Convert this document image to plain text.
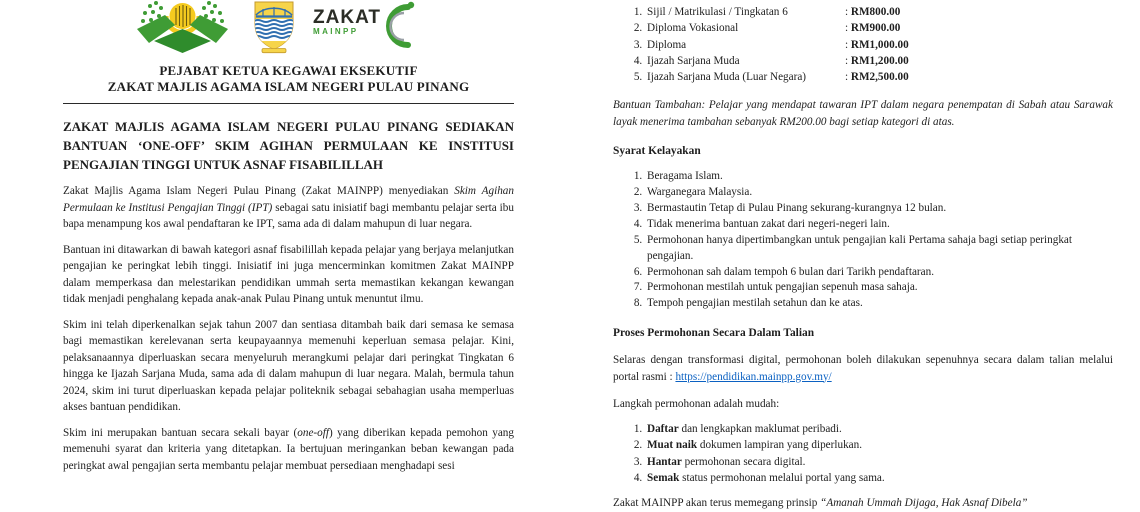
ZAKAT
MAINPP
PEJABAT KETUA KEGAWAI EKSEKUTIF
ZAKAT MAJLIS AGAMA ISLAM NEGERI PULAU PINANG

ZAKAT MAJLIS AGAMA ISLAM NEGERI PULAU PINANG SEDIAKAN BANTUAN ‘ONE-OFF’ SKIM AGIHAN PERMULAAN KE INSTITUSI PENGAJIAN TINGGI UNTUK ASNAF FISABILILLAH

Zakat Majlis Agama Islam Negeri Pulau Pinang (Zakat MAINPP) menyediakan Skim Agihan Permulaan ke Institusi Pengajian Tinggi (IPT) sebagai satu inisiatif bagi membantu pelajar serta ibu bapa menampung kos awal pendaftaran ke IPT, sama ada di dalam mahupun di luar negara.

Bantuan ini ditawarkan di bawah kategori asnaf fisabilillah kepada pelajar yang berjaya melanjutkan pengajian ke peringkat lebih tinggi. Inisiatif ini juga mencerminkan komitmen Zakat MAINPP dalam memperkasa dan melestarikan pendidikan ummah serta memastikan kekangan kewangan tidak menjadi penghalang kepada anak-anak Pulau Pinang untuk menuntut ilmu.

Skim ini telah diperkenalkan sejak tahun 2007 dan sentiasa ditambah baik dari semasa ke semasa bagi memastikan kerelevanan serta keupayaannya memenuhi keperluan semasa pelajar. Kini, pelaksanaannya diperluaskan secara menyeluruh merangkumi pelajar dari peringkat Tingkatan 6 hingga ke Ijazah Sarjana Muda, sama ada di dalam mahupun di luar negara. Malah, bermula tahun 2024, skim ini turut diperluaskan kepada pelajar politeknik sebagai sebahagian usaha memperluas akses bantuan pendidikan.

Skim ini merupakan bantuan secara sekali bayar (one-off) yang diberikan kepada pemohon yang memenuhi syarat dan kriteria yang ditetapkan. Ia bertujuan meringankan beban kewangan pada peringkat awal pengajian serta membantu pelajar membuat persediaan menghadapi sesi

1. Sijil / Matrikulasi / Tingkatan 6	: RM800.00
2. Diploma Vokasional	: RM900.00
3. Diploma	: RM1,000.00
4. Ijazah Sarjana Muda	: RM1,200.00
5. Ijazah Sarjana Muda (Luar Negara)	: RM2,500.00

Bantuan Tambahan: Pelajar yang mendapat tawaran IPT dalam negara penempatan di Sabah atau Sarawak layak menerima tambahan sebanyak RM200.00 bagi setiap kategori di atas.

Syarat Kelayakan

1. Beragama Islam.
2. Warganegara Malaysia.
3. Bermastautin Tetap di Pulau Pinang sekurang-kurangnya 12 bulan.
4. Tidak menerima bantuan zakat dari negeri-negeri lain.
5. Permohonan hanya dipertimbangkan untuk pengajian kali Pertama sahaja bagi setiap peringkat pengajian.
6. Permohonan sah dalam tempoh 6 bulan dari Tarikh pendaftaran.
7. Permohonan mestilah untuk pengajian sepenuh masa sahaja.
8. Tempoh pengajian mestilah setahun dan ke atas.

Proses Permohonan Secara Dalam Talian

Selaras dengan transformasi digital, permohonan boleh dilakukan sepenuhnya secara dalam talian melalui portal rasmi : https://pendidikan.mainpp.gov.my/

Langkah permohonan adalah mudah:

1. Daftar dan lengkapkan maklumat peribadi.
2. Muat naik dokumen lampiran yang diperlukan.
3. Hantar permohonan secara digital.
4. Semak status permohonan melalui portal yang sama.

Zakat MAINPP akan terus memegang prinsip “Amanah Ummah Dijaga, Hak Asnaf Dibela”
